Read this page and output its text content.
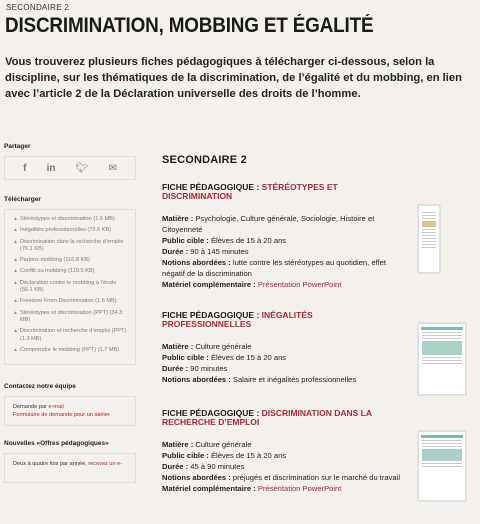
SECONDAIRE 2
DISCRIMINATION, MOBBING ET ÉGALITÉ

Vous trouverez plusieurs fiches pédagogiques à télécharger ci-dessous, selon la discipline, sur les thématiques de la discrimination, de l’égalité et du mobbing, en lien avec l’article 2 de la Déclaration universelle des droits de l’homme.

Partager
f in 🐦︎ ✉
Télécharger
▲ Stéréotypes et discrimination (1.6 MB)
▲ Inégalités professionnelles (72.6 KB)
▲ Discrimination dans la recherche d’emploi (76.1 KB)
▲ Parlons mobbing (116.8 KB)
▲ Conflit ou mobbing (110.5 KB)
▲ Déclaration contre le mobbing à l’école (56.1 KB)
▲ Freedom From Discrimination (1.6 MB)
▲ Stéréotypes et discrimination (PPT) (34.3 MB)
▲ Discrimination et recherche d’emploi (PPT) (1.3 MB)
▲ Comprendre le mobbing (PPT) (1.7 MB)
Contactez notre équipe
Demande par e-mail
Formulaire de demande pour un atelier
Nouvelles «Offres pédagogiques»
Deux à quatre fois par année, recevez un e-
SECONDAIRE 2
FICHE PÉDAGOGIQUE : STÉRÉOTYPES ET DISCRIMINATION
Matière : Psychologie, Culture générale, Sociologie, Histoire et Citoyenneté
Public cible : Élèves de 15 à 20 ans
Durée : 90 à 145 minutes
Notions abordées : lutte contre les stéréotypes au quotidien, effet négatif de la discrimination
Matériel complémentaire : Présentation PowerPoint
FICHE PÉDAGOGIQUE : INÉGALITÉS PROFESSIONNELLES
Matière : Culture générale
Public cible : Élèves de 15 à 20 ans
Durée : 90 minutes
Notions abordées : Salaire et inégalités professionnelles
FICHE PÉDAGOGIQUE : DISCRIMINATION DANS LA RECHERCHE D’EMPLOI
Matière : Culture générale
Public cible : Élèves de 15 à 20 ans
Durée : 45 à 90 minutes
Notions abordées : préjugés et discrimination sur le marché du travail
Matériel complémentaire : Présentation PowerPoint
